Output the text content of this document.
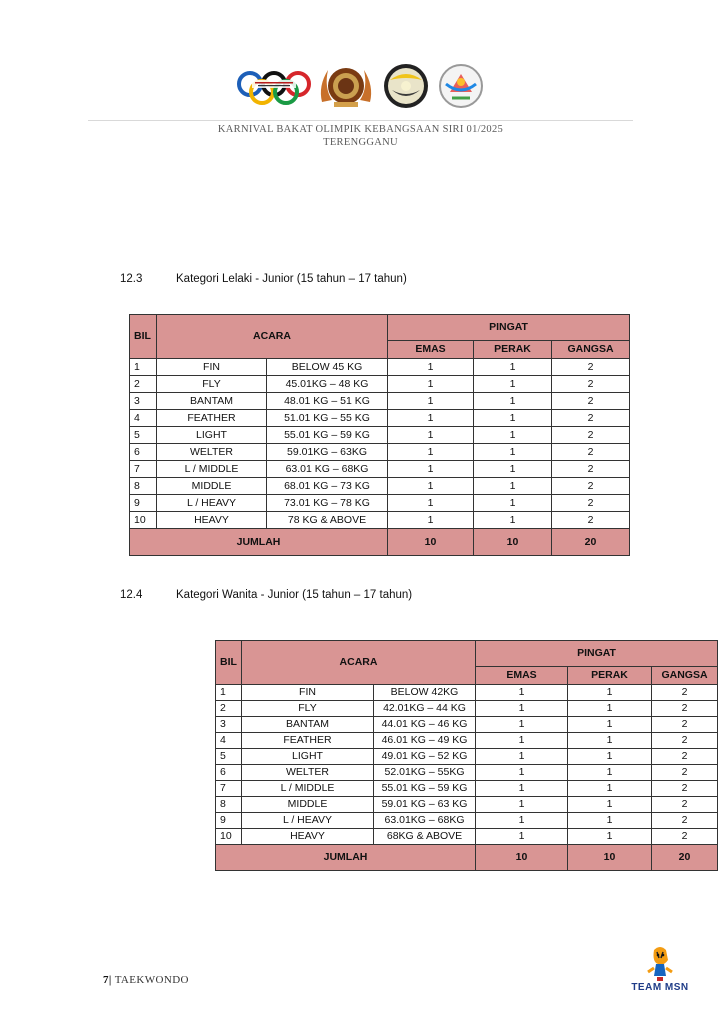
KARNIVAL BAKAT OLIMPIK KEBANGSAAN SIRI 01/2025
TERENGGANU
12.3	Kategori Lelaki - Junior (15 tahun – 17 tahun)
BIL	ACARA		PINGAT		
			EMAS	PERAK	GANGSA
1	FIN	BELOW 45 KG	1	1	2
2	FLY	45.01KG – 48 KG	1	1	2
3	BANTAM	48.01 KG – 51 KG	1	1	2
4	FEATHER	51.01 KG – 55 KG	1	1	2
5	LIGHT	55.01 KG – 59 KG	1	1	2
6	WELTER	59.01KG – 63KG	1	1	2
7	L / MIDDLE	63.01 KG – 68KG	1	1	2
8	MIDDLE	68.01 KG – 73 KG	1	1	2
9	L / HEAVY	73.01 KG – 78 KG	1	1	2
10	HEAVY	78 KG & ABOVE	1	1	2
JUMLAH			10	10	20
12.4	Kategori Wanita - Junior (15 tahun – 17 tahun)
BIL	ACARA		PINGAT		
			EMAS	PERAK	GANGSA
1	FIN	BELOW 42KG	1	1	2
2	FLY	42.01KG – 44 KG	1	1	2
3	BANTAM	44.01 KG – 46 KG	1	1	2
4	FEATHER	46.01 KG – 49 KG	1	1	2
5	LIGHT	49.01 KG – 52 KG	1	1	2
6	WELTER	52.01KG – 55KG	1	1	2
7	L / MIDDLE	55.01 KG – 59 KG	1	1	2
8	MIDDLE	59.01 KG – 63 KG	1	1	2
9	L / HEAVY	63.01KG – 68KG	1	1	2
10	HEAVY	68KG & ABOVE	1	1	2
JUMLAH			10	10	20
7| TAEKWONDO
TEAM MSN
